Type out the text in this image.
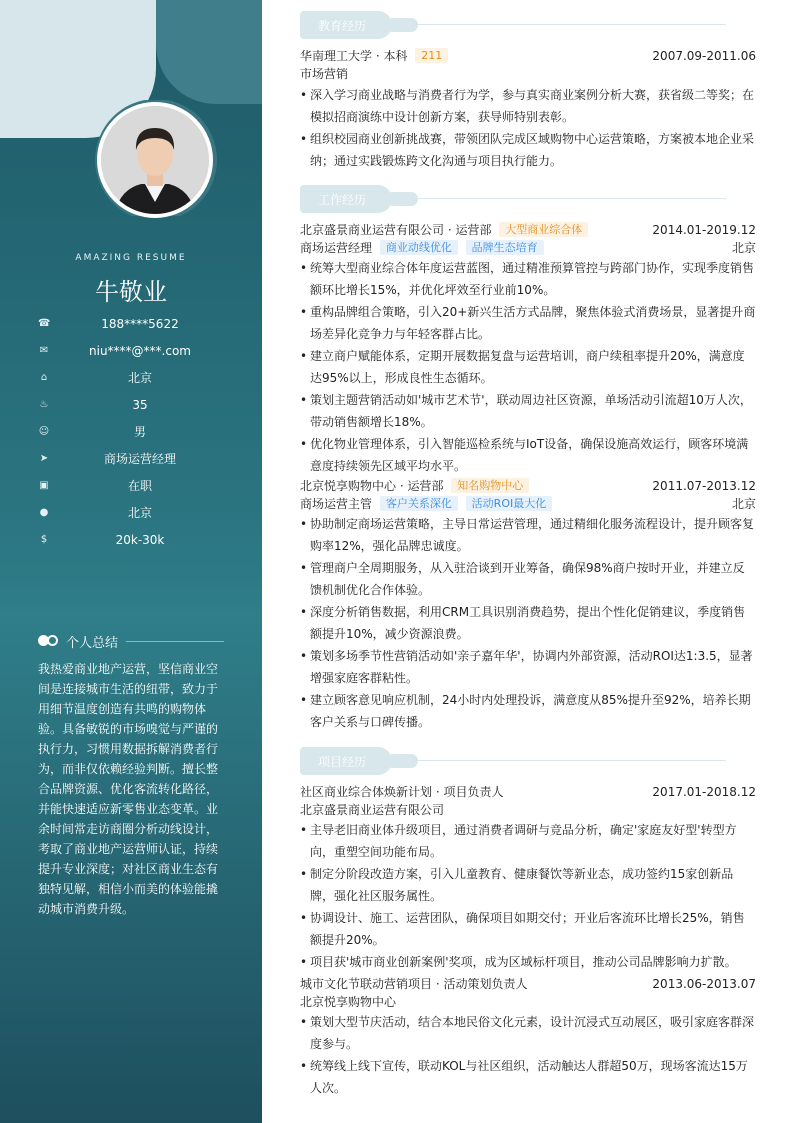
AMAZING RESUME
牛敬业
☎	188****5622
✉	niu****@***.com
⌂	北京
♨	35
☺	男
➤	商场运营经理
▣	在职
●	北京
$	20k-30k
个人总结
我热爱商业地产运营，坚信商业空间是连接城市生活的纽带，致力于用细节温度创造有共鸣的购物体验。具备敏锐的市场嗅觉与严谨的执行力，习惯用数据拆解消费者行为，而非仅依赖经验判断。擅长整合品牌资源、优化客流转化路径，并能快速适应新零售业态变革。业余时间常走访商圈分析动线设计，考取了商业地产运营师认证，持续提升专业深度；对社区商业生态有独特见解，相信小而美的体验能撬动城市消费升级。
教育经历
华南理工大学 · 本科 211	2007.09-2011.06
市场营销
• 深入学习商业战略与消费者行为学，参与真实商业案例分析大赛，获省级二等奖；在模拟招商演练中设计创新方案，获导师特别表彰。
• 组织校园商业创新挑战赛，带领团队完成区域购物中心运营策略，方案被本地企业采纳；通过实践锻炼跨文化沟通与项目执行能力。
工作经历
北京盛景商业运营有限公司 · 运营部 大型商业综合体	2014.01-2019.12
商场运营经理 商业动线优化 品牌生态培育	北京
• 统筹大型商业综合体年度运营蓝图，通过精准预算管控与跨部门协作，实现季度销售额环比增长15%，并优化坪效至行业前10%。
• 重构品牌组合策略，引入20+新兴生活方式品牌，聚焦体验式消费场景，显著提升商场差异化竞争力与年轻客群占比。
• 建立商户赋能体系，定期开展数据复盘与运营培训，商户续租率提升20%，满意度达95%以上，形成良性生态循环。
• 策划主题营销活动如'城市艺术节'，联动周边社区资源，单场活动引流超10万人次，带动销售额增长18%。
• 优化物业管理体系，引入智能巡检系统与IoT设备，确保设施高效运行，顾客环境满意度持续领先区域平均水平。
北京悦享购物中心 · 运营部 知名购物中心	2011.07-2013.12
商场运营主管 客户关系深化 活动ROI最大化	北京
• 协助制定商场运营策略，主导日常运营管理，通过精细化服务流程设计，提升顾客复购率12%，强化品牌忠诚度。
• 管理商户全周期服务，从入驻洽谈到开业筹备，确保98%商户按时开业，并建立反馈机制优化合作体验。
• 深度分析销售数据，利用CRM工具识别消费趋势，提出个性化促销建议，季度销售额提升10%，减少资源浪费。
• 策划多场季节性营销活动如'亲子嘉年华'，协调内外部资源，活动ROI达1:3.5，显著增强家庭客群粘性。
• 建立顾客意见响应机制，24小时内处理投诉，满意度从85%提升至92%，培养长期客户关系与口碑传播。
项目经历
社区商业综合体焕新计划 · 项目负责人	2017.01-2018.12
北京盛景商业运营有限公司
• 主导老旧商业体升级项目，通过消费者调研与竞品分析，确定'家庭友好型'转型方向，重塑空间功能布局。
• 制定分阶段改造方案，引入儿童教育、健康餐饮等新业态，成功签约15家创新品牌，强化社区服务属性。
• 协调设计、施工、运营团队，确保项目如期交付；开业后客流环比增长25%，销售额提升20%。
• 项目获'城市商业创新案例'奖项，成为区域标杆项目，推动公司品牌影响力扩散。
城市文化节联动营销项目 · 活动策划负责人	2013.06-2013.07
北京悦享购物中心
• 策划大型节庆活动，结合本地民俗文化元素，设计沉浸式互动展区，吸引家庭客群深度参与。
• 统筹线上线下宣传，联动KOL与社区组织，活动触达人群超50万，现场客流达15万人次。
